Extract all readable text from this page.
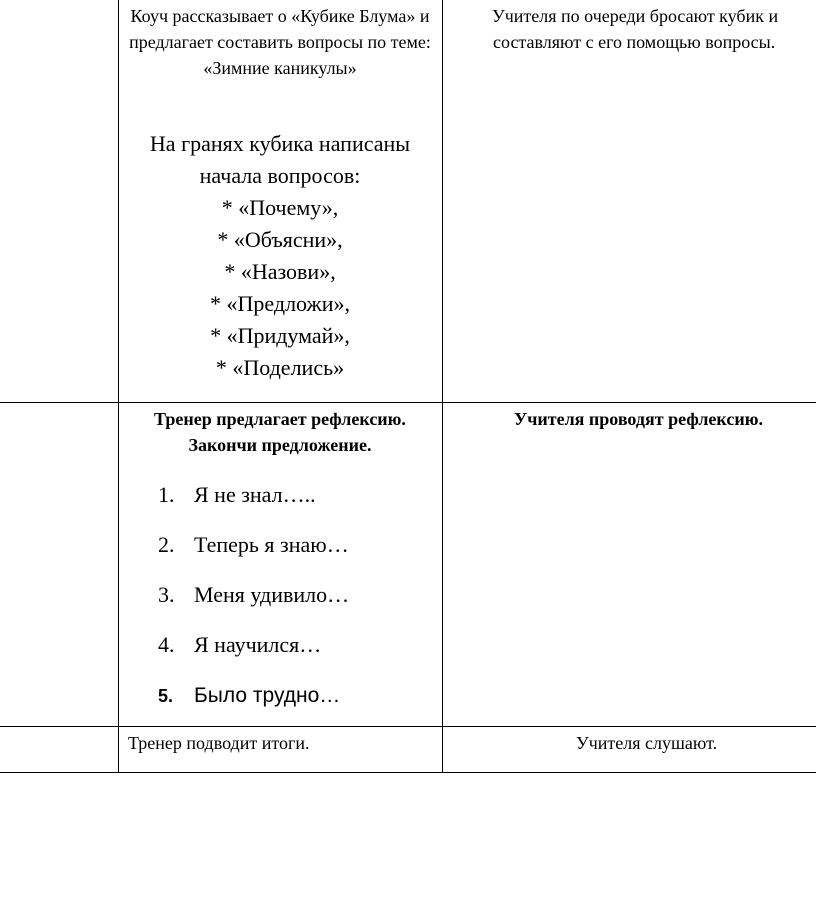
Коуч рассказывает о «Кубике Блума» и предлагает составить вопросы по теме: «Зимние каникулы»
На гранях кубика написаны
начала вопросов:
* «Почему»,
* «Объясни»,
* «Назови»,
* «Предложи»,
* «Придумай»,
* «Поделись»
Учителя по очереди бросают кубик и
составляют с его помощью вопросы.
Тренер предлагает рефлексию.
Закончи предложение.
1. Я не знал…..
2. Теперь я знаю…
3. Меня удивило…
4. Я научился…
5. Было трудно…
Учителя проводят рефлексию.
Тренер подводит итоги.	Учителя слушают.
